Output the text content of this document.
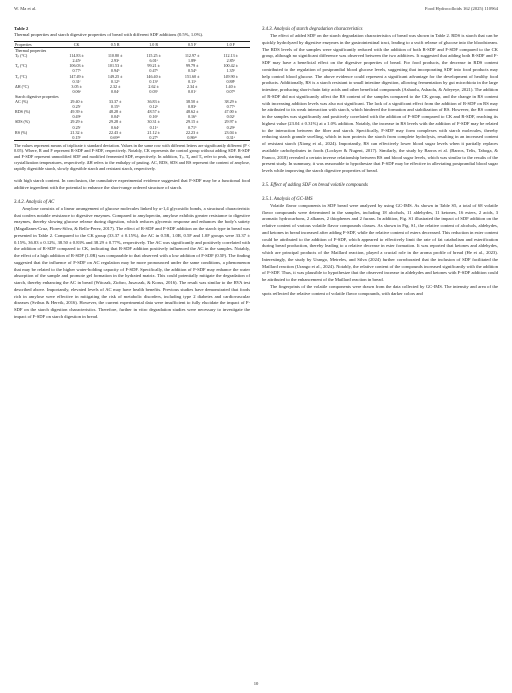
W. Ma et al.	Food Hydrocolloids 162 (2025) 110964
Table 2
Thermal properties and starch digestive properties of bread with different SDF additions (0.5%, 1.0%).
Properties	CK	0.5 R	1.0 R	0.5 F	1.0 F
Thermal properties					
Tₚ (°C)	114.83 ±	110.80 ±	115.25 ±	112.97 ±	112.13 ±
	2.45ᵃ	2.93ᵃ	6.01ᵃ	1.89ᵃ	2.85ᵃ
T₀ (°C)	106.03 ±	101.53 ±	99.21 ±	99.79 ±	100.42 ±
	0.77ᵃ	0.94ᵇ	0.47ᵇ	0.54ᵇ	1.35ᵇ
Tₓ (°C)	147.49 ±	149.25 ±	146.40 ±	151.60 ±	149.90 ±
	0.31ᶜ	0.12ᵇ	0.13ᵈ	0.11ᵃ	0.88ᵇ
ΔH (°C)	3.05 ±	2.32 ±	2.62 ±	2.34 ±	1.40 ±
	0.06ᵃ	0.04ᶜ	0.03ᵇ	0.01ᶜ	0.07ᵈ
Starch digestive properties					
AC (%)	29.40 ±	33.37 ±	36.83 ±	38.50 ±	38.29 ±
	0.25ᶜ	0.15ᵇ	0.12ᵃ	0.83ᵃ	0.77ᵃ
RDS (%)	49.39 ±	48.28 ±	48.57 ±	48.62 ±	47.00 ±
	0.49ᵃ	0.04ᵇ	0.16ᵇ	0.16ᵇ	0.02ᶜ
SDS (%)	29.29 ±	29.28 ±	30.31 ±	29.15 ±	29.97 ±
	0.25ᶜ	0.64ᶜ	0.11ᵃ	0.71ᵇ	0.29ᵃ
RS (%)	21.32 ±	22.43 ±	21.12 ±	22.23 ±	23.04 ±
	0.15ᵇ	0.69ᵃᵇ	0.27ᵇ	0.86ᵃᵇ	0.31ᵃ
The values represent means of triplicate ± standard deviation. Values in the same row with different letters are significantly different (P < 0.05). Where, R and F represent R-SDF and F-SDF, respectively. Notably, CK represents the control group without adding SDF. R-SDF and F-SDF represent unmodified SDF and modified fermented SDF, respectively. In addition, Tₚ, T₀ and Tₓ refer to peak, starting, and crystallization temperatures, respectively. ΔH refers to the enthalpy of pasting. AC, RDS, SDS and RS represent the content of amylose, rapidly digestible starch, slowly digestible starch and resistant starch, respectively.

with high starch content. In conclusion, the cumulative experimental evidence suggested that F-SDF may be a functional food additive ingredient with the potential to enhance the short-range ordered structure of starch.

3.4.2. Analysis of AC

Amylose consists of a linear arrangement of glucose molecules linked by α-1,4 glycosidic bonds, a structural characteristic that confers notable resistance to digestive enzymes. Compared to amylopectin, amylose exhibits greater resistance to digestive enzymes, thereby slowing glucose release during digestion, which reduces glycemic response and enhances the body's satiety (Magallanes-Cruz, Flores-Silva, & Bello-Perez, 2017). The effect of R-SDF and F-SDF addition on the starch type in bread was presented in Table 2. Compared to the CK group (33.37 ± 0.15%), the AC in 0.5R, 1.0R, 0.5F and 1.0F groups were 33.37 ± 0.15%, 36.83 ± 0.12%, 38.50 ± 0.83% and 38.29 ± 0.77%, respectively. The AC was significantly and positively correlated with the addition of R-SDF compared to CK, indicating that R-SDF addition positively influenced the AC in the samples. Notably, the effect of a high addition of R-SDF (1.0R) was comparable to that observed with a low addition of F-SDF (0.5F). The finding suggested that the influence of F-SDF on AC regulation may be more pronounced under the same conditions, a phenomenon that may be related to the higher water-holding capacity of F-SDF. Specifically, the addition of F-SDF may enhance the water absorption of the sample and promote gel formation in the hydrated matrix. This could potentially mitigate the degradation of starch, thereby enhancing the AC in bread (Witczak, Ziobro, Juszczak, & Korus, 2016). The result was similar to the RVA test described above. Importantly, elevated levels of AC may have health benefits. Previous studies have demonstrated that foods rich in amylose were effective in mitigating the risk of metabolic disorders, including type 2 diabetes and cardiovascular diseases (Svihus & Hervik, 2016). However, the current experimental data were insufficient to fully elucidate the impact of F-SDF on the starch digestion characteristics. Therefore, further in vitro degradation studies were necessary to investigate the impact of F-SDF on starch digestion in bread.

3.4.3. Analysis of starch degradation characteristics

The effect of added SDF on the starch degradation characteristics of bread was shown in Table 2. RDS is starch that can be quickly hydrolyzed by digestive enzymes in the gastrointestinal tract, leading to a swift release of glucose into the bloodstream. The RDS levels of the samples were significantly reduced with the addition of both R-SDF and F-SDF compared to the CK group, although no significant difference was observed between the two additives. It suggested that adding both R-SDF and F-SDF may have a beneficial effect on the digestive properties of bread. For food products, the decrease in RDS content contributed to the regulation of postprandial blood glucose levels, suggesting that incorporating SDF into food products may help control blood glucose. The above evidence could represent a significant advantage for the development of healthy food products. Additionally, RS is a starch resistant to small intestine digestion, allowing fermentation by gut microbiota in the large intestine, producing short-chain fatty acids and other beneficial compounds (Ashaolu, Ashaolu, & Adeyeye, 2021). The addition of R-SDF did not significantly affect the RS content of the samples compared to the CK group, and the change in RS content with increasing addition levels was also not significant. The lack of a significant effect from the addition of R-SDF on RS may be attributed to its weak interaction with starch, which hindered the formation and stabilization of RS. However, the RS content in the samples was significantly and positively correlated with the addition of F-SDF compared to CK and R-SDF, reaching its highest value (23.04 ± 0.31%) at a 1.0% addition. Notably, the increase in RS levels with the addition of F-SDF may be related to the interaction between the fiber and starch. Specifically, F-SDF may form complexes with starch molecules, thereby reducing starch granule swelling, which in turn protects the starch from complete hydrolysis, resulting in an increased content of resistant starch (Xiong et al., 2024). Importantly, RS can effectively lower blood sugar levels when it partially replaces available carbohydrates in foods (Lockyer & Nugent, 2017). Similarly, the study by Barros et al. (Barros, Telis, Taboga, & Franco, 2018) revealed a certain inverse relationship between RS and blood sugar levels, which was similar to the results of the present study. In summary, it was reasonable to hypothesize that F-SDF may be effective in alleviating postprandial blood sugar levels while improving the starch digestive properties of bread.

3.5. Effect of adding SDF on bread volatile compounds
3.5.1. Analysis of GC-IMS

Volatile flavor components in SDF bread were analyzed by using GC-IMS. As shown in Table S5, a total of 68 volatile flavor compounds were determined in the samples, including 18 alcohols, 11 aldehydes, 11 ketones, 16 esters, 2 acids, 3 aromatic hydrocarbons, 2 alkanes, 2 thiophenes and 2 furans. In addition, Fig. S1 illustrated the impact of SDF addition on the relative content of various volatile flavor compounds classes. As shown in Fig. S1, the relative content of alcohols, aldehydes, and ketones in bread increased after adding F-SDF, while the relative content of esters decreased. This reduction in ester content could be attributed to the addition of F-SDF, which appeared to effectively limit the rate of fat catabolism and esterification during bread production, thereby leading to a relative decrease in ester formation. It was reported that ketones and aldehydes, which are principal products of the Maillard reaction, played a crucial role in the aroma profile of bread (He et al., 2023). Interestingly, the study by Urango, Meireles, and Silva (2024) further corroborated that the inclusion of SDF facilitated the Maillard reaction (Urango et al., 2024). Notably, the relative content of the compounds increased significantly with the addition of F-SDF. Thus, it was plausible to hypothesize that the observed increase in aldehydes and ketones with F-SDF addition could be attributed to the enhancement of the Maillard reaction in bread.

The fingerprints of the volatile components were drawn from the data collected by GC-IMS. The intensity and area of the spots reflected the relative content of volatile flavor compounds, with darker colors and

10
